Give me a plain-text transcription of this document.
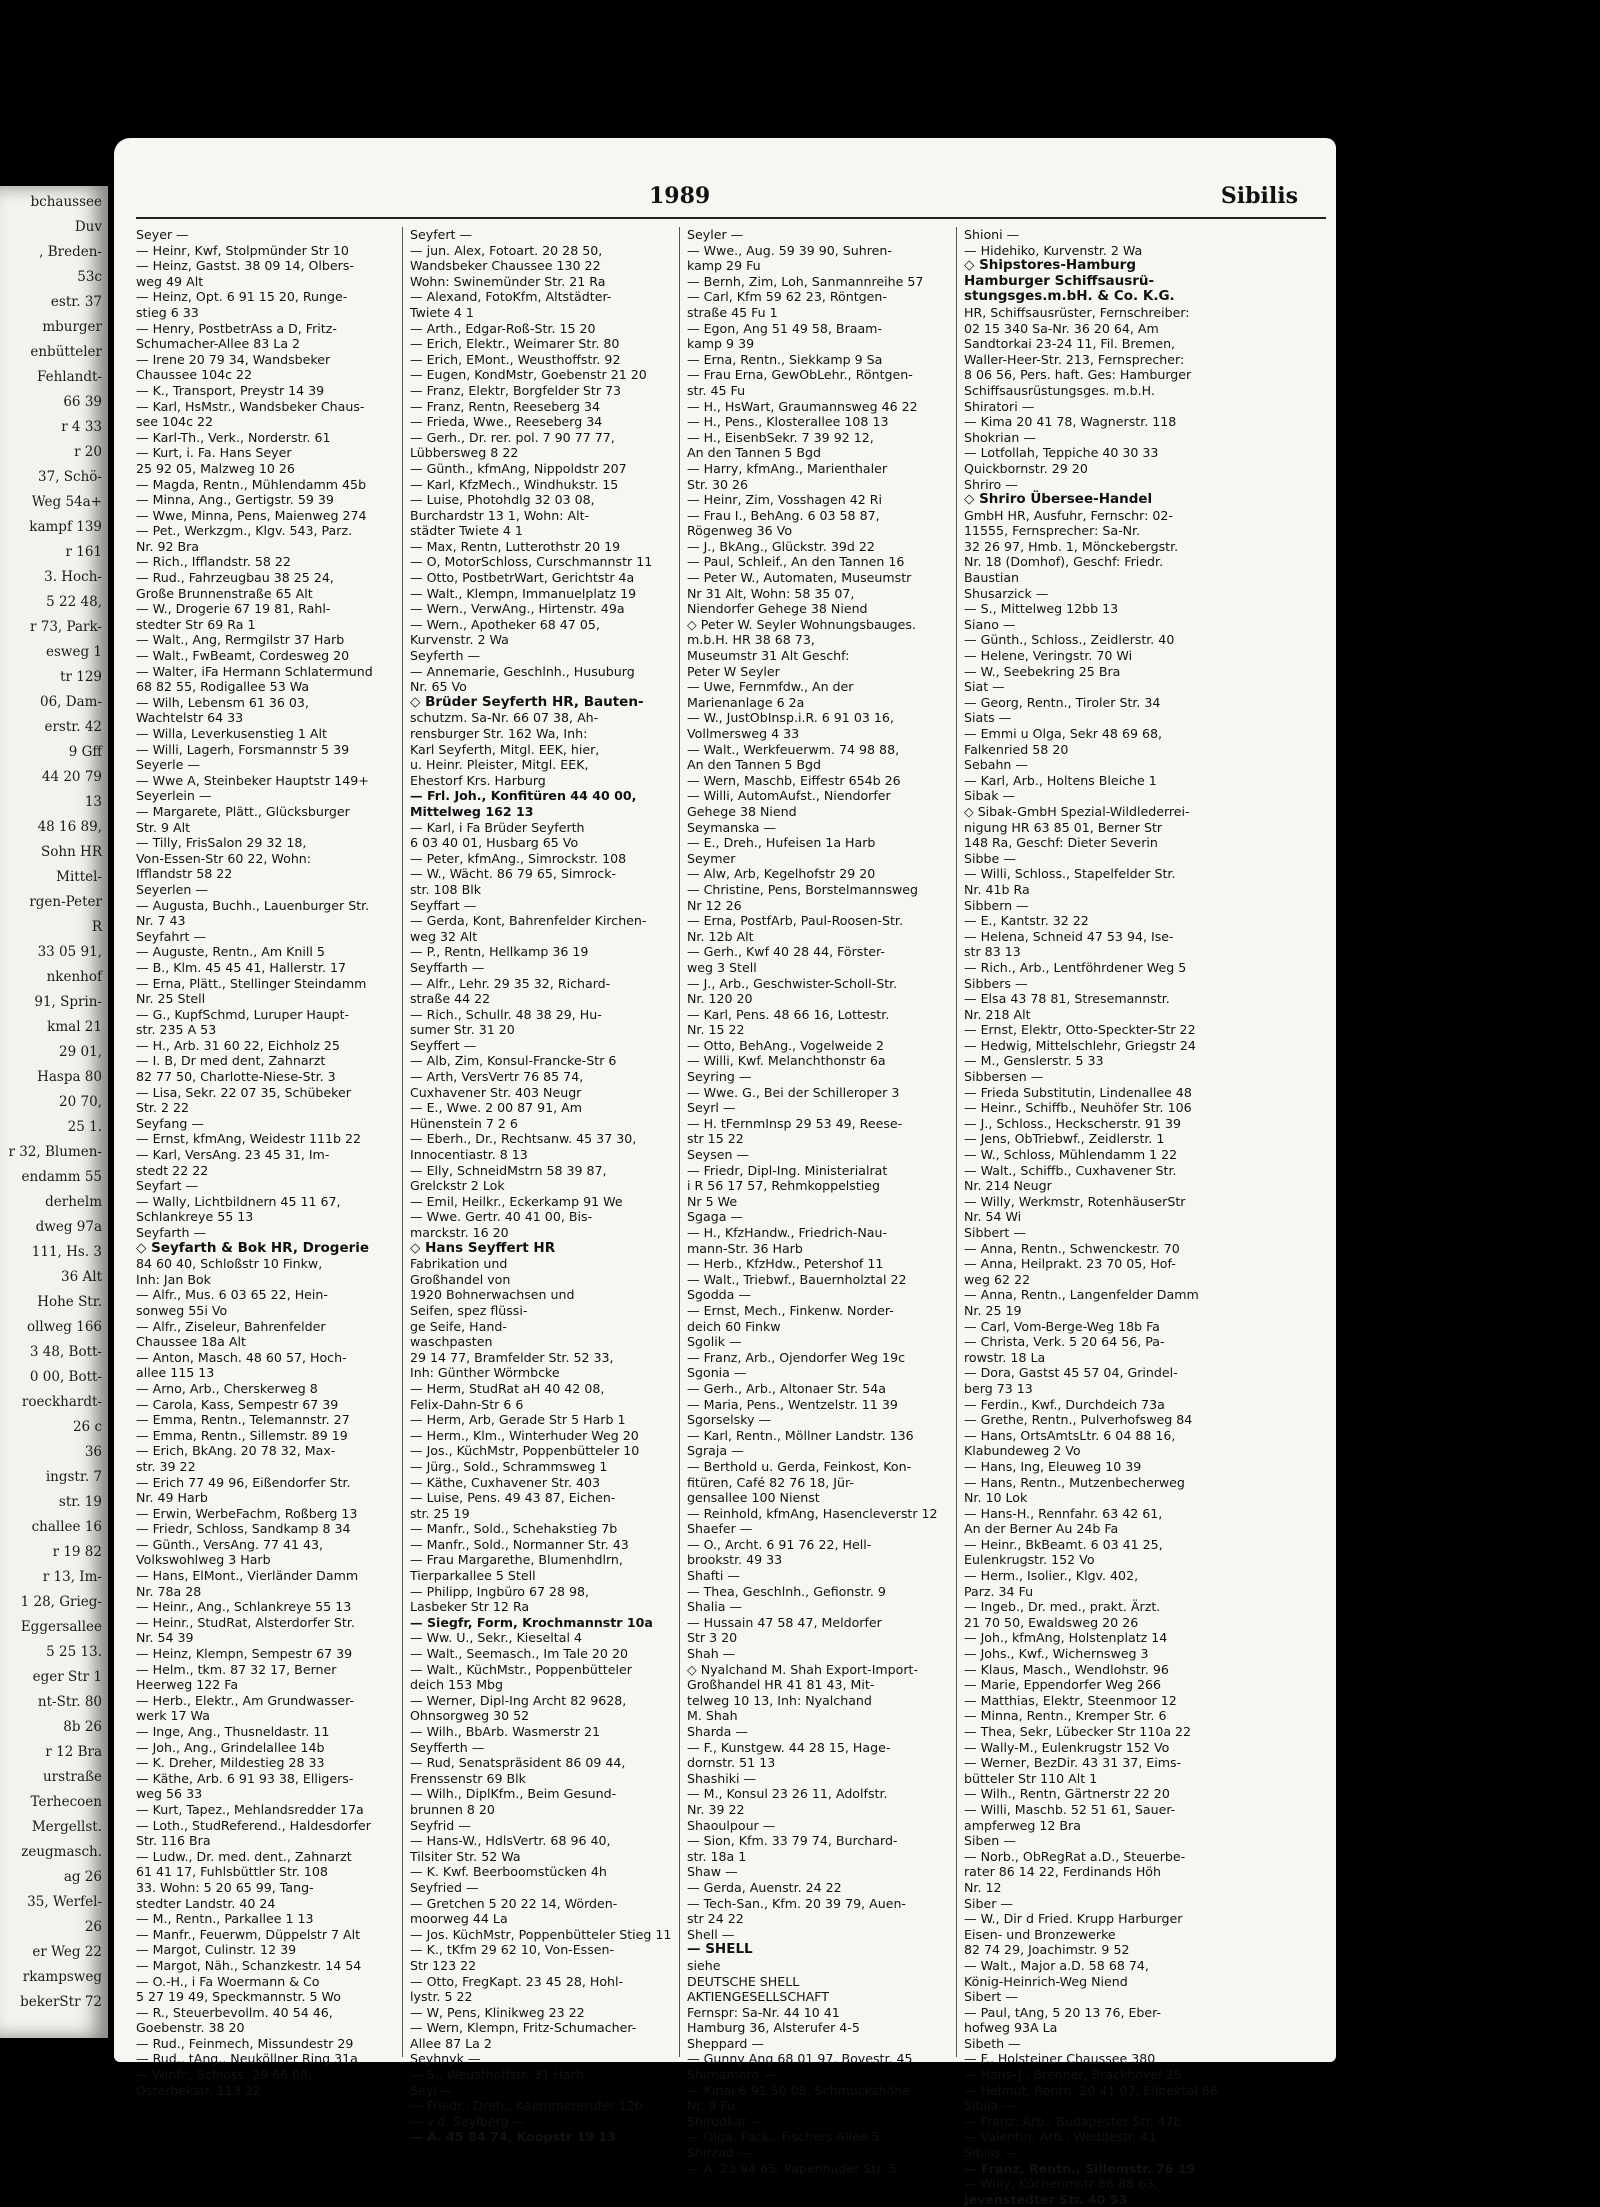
bchaussee
Duv
, Breden-
53c
estr. 37
mburger
enbütteler
Fehlandt-
66 39
r 4 33
r 20
37, Schö-
Weg 54a+
kampf 139
r 161
3. Hoch-
5 22 48,
r 73, Park-
esweg 1
tr 129
06, Dam-
erstr. 42
9 Gff
44 20 79
13
48 16 89,
Sohn HR
Mittel-
rgen-Peter
R
33 05 91,
nkenhof
91, Sprin-
kmal 21
29 01,
Haspa 80
20 70,
25 1.
r 32, Blumen-
endamm 55
derhelm
dweg 97a
111, Hs. 3
36 Alt
Hohe Str.
ollweg 166
3 48, Bott-
0 00, Bott-
roeckhardt-
26 c
36
ingstr. 7
str. 19
challee 16
r 19 82
r 13, Im-
1 28, Grieg-
Eggersallee
5 25 13.
eger Str 1
nt-Str. 80
8b 26
r 12 Bra
urstraße
Terhecoen
Mergellst.
zeugmasch.
ag 26
35, Werfel-
26
er Weg 22
rkampsweg
bekerStr 72
1989	Sibilis
Seyer —
— Heinr, Kwf, Stolpmünder Str 10
— Heinz, Gastst. 38 09 14, Olbers-
weg 49 Alt
— Heinz, Opt. 6 91 15 20, Runge-
stieg 6 33
— Henry, PostbetrAss a D, Fritz-
Schumacher-Allee 83 La 2
— Irene 20 79 34, Wandsbeker
Chaussee 104c 22
— K., Transport, Preystr 14 39
— Karl, HsMstr., Wandsbeker Chaus-
see 104c 22
— Karl-Th., Verk., Norderstr. 61
— Kurt, i. Fa. Hans Seyer
25 92 05, Malzweg 10 26
— Magda, Rentn., Mühlendamm 45b
— Minna, Ang., Gertigstr. 59 39
— Wwe, Minna, Pens, Maienweg 274
— Pet., Werkzgm., Klgv. 543, Parz.
Nr. 92 Bra
— Rich., Ifflandstr. 58 22
— Rud., Fahrzeugbau 38 25 24,
Große Brunnenstraße 65 Alt
— W., Drogerie 67 19 81, Rahl-
stedter Str 69 Ra 1
— Walt., Ang, Rermgilstr 37 Harb
— Walt., FwBeamt, Cordesweg 20
— Walter, iFa Hermann Schlatermund
68 82 55, Rodigallee 53 Wa
— Wilh, Lebensm 61 36 03,
Wachtelstr 64 33
— Willa, Leverkusenstieg 1 Alt
— Willi, Lagerh, Forsmannstr 5 39
Seyerle —
— Wwe A, Steinbeker Hauptstr 149+
Seyerlein —
— Margarete, Plätt., Glücksburger
Str. 9 Alt
— Tilly, FrisSalon 29 32 18,
Von-Essen-Str 60 22, Wohn:
Ifflandstr 58 22
Seyerlen —
— Augusta, Buchh., Lauenburger Str.
Nr. 7 43
Seyfahrt —
— Auguste, Rentn., Am Knill 5
— B., Klm. 45 45 41, Hallerstr. 17
— Erna, Plätt., Stellinger Steindamm
Nr. 25 Stell
— G., KupfSchmd, Luruper Haupt-
str. 235 A 53
— H., Arb. 31 60 22, Eichholz 25
— I. B, Dr med dent, Zahnarzt
82 77 50, Charlotte-Niese-Str. 3
— Lisa, Sekr. 22 07 35, Schübeker
Str. 2 22
Seyfang —
— Ernst, kfmAng, Weidestr 111b 22
— Karl, VersAng. 23 45 31, Im-
stedt 22 22
Seyfart —
— Wally, Lichtbildnern 45 11 67,
Schlankreye 55 13
Seyfarth —
◇ Seyfarth & Bok HR, Drogerie
84 60 40, Schloßstr 10 Finkw,
Inh: Jan Bok
— Alfr., Mus. 6 03 65 22, Hein-
sonweg 55i Vo
— Alfr., Ziseleur, Bahrenfelder
Chaussee 18a Alt
— Anton, Masch. 48 60 57, Hoch-
allee 115 13
— Arno, Arb., Cherskerweg 8
— Carola, Kass, Sempestr 67 39
— Emma, Rentn., Telemannstr. 27
— Emma, Rentn., Sillemstr. 89 19
— Erich, BkAng. 20 78 32, Max-
str. 39 22
— Erich 77 49 96, Eißendorfer Str.
Nr. 49 Harb
— Erwin, WerbeFachm, Roßberg 13
— Friedr, Schloss, Sandkamp 8 34
— Günth., VersAng. 77 41 43,
Volkswohlweg 3 Harb
— Hans, ElMont., Vierländer Damm
Nr. 78a 28
— Heinr., Ang., Schlankreye 55 13
— Heinr., StudRat, Alsterdorfer Str.
Nr. 54 39
— Heinz, Klempn, Sempestr 67 39
— Helm., tkm. 87 32 17, Berner
Heerweg 122 Fa
— Herb., Elektr., Am Grundwasser-
werk 17 Wa
— Inge, Ang., Thusneldastr. 11
— Joh., Ang., Grindelallee 14b
— K. Dreher, Mildestieg 28 33
— Käthe, Arb. 6 91 93 38, Elligers-
weg 56 33
— Kurt, Tapez., Mehlandsredder 17a
— Loth., StudReferend., Haldesdorfer
Str. 116 Bra
— Ludw., Dr. med. dent., Zahnarzt
61 41 17, Fuhlsbüttler Str. 108
33. Wohn: 5 20 65 99, Tang-
stedter Landstr. 40 24
— M., Rentn., Parkallee 1 13
— Manfr., Feuerwm, Düppelstr 7 Alt
— Margot, Culinstr. 12 39
— Margot, Näh., Schanzkestr. 14 54
— O.-H., i Fa Woermann & Co
5 27 19 49, Speckmannstr. 5 Wo
— R., Steuerbevollm. 40 54 46,
Goebenstr. 38 20
— Rud., Feinmech, Missundestr 29
— Rud., tAng., Neuköllner Ring 31a
— Winfr., Schloss. 29 66 08,
Osterbekstr. 113 22
Seyfert —
— jun. Alex, Fotoart. 20 28 50,
Wandsbeker Chaussee 130 22
Wohn: Swinemünder Str. 21 Ra
— Alexand, FotoKfm, Altstädter-
Twiete 4 1
— Arth., Edgar-Roß-Str. 15 20
— Erich, Elektr., Weimarer Str. 80
— Erich, EMont., Weusthoffstr. 92
— Eugen, KondMstr, Goebenstr 21 20
— Franz, Elektr, Borgfelder Str 73
— Franz, Rentn, Reeseberg 34
— Frieda, Wwe., Reeseberg 34
— Gerh., Dr. rer. pol. 7 90 77 77,
Lübbersweg 8 22
— Günth., kfmAng, Nippoldstr 207
— Karl, KfzMech., Windhukstr. 15
— Luise, Photohdlg 32 03 08,
Burchardstr 13 1, Wohn: Alt-
städter Twiete 4 1
— Max, Rentn, Lutterothstr 20 19
— O, MotorSchloss, Curschmannstr 11
— Otto, PostbetrWart, Gerichtstr 4a
— Walt., Klempn, Immanuelplatz 19
— Wern., VerwAng., Hirtenstr. 49a
— Wern., Apotheker 68 47 05,
Kurvenstr. 2 Wa
Seyferth —
— Annemarie, Geschlnh., Husuburg
Nr. 65 Vo
◇ Brüder Seyferth HR, Bauten-
schutzm. Sa-Nr. 66 07 38, Ah-
rensburger Str. 162 Wa, Inh:
Karl Seyferth, Mitgl. EEK, hier,
u. Heinr. Pleister, Mitgl. EEK,
Ehestorf Krs. Harburg
— Frl. Joh., Konfitüren 44 40 00,
Mittelweg 162 13
— Karl, i Fa Brüder Seyferth
6 03 40 01, Husbarg 65 Vo
— Peter, kfmAng., Simrockstr. 108
— W., Wächt. 86 79 65, Simrock-
str. 108 Blk
Seyffart —
— Gerda, Kont, Bahrenfelder Kirchen-
weg 32 Alt
— P., Rentn, Hellkamp 36 19
Seyffarth —
— Alfr., Lehr. 29 35 32, Richard-
straße 44 22
— Rich., Schullr. 48 38 29, Hu-
sumer Str. 31 20
Seyffert —
— Alb, Zim, Konsul-Francke-Str 6
— Arth, VersVertr 76 85 74,
Cuxhavener Str. 403 Neugr
— E., Wwe. 2 00 87 91, Am
Hünenstein 7 2 6
— Eberh., Dr., Rechtsanw. 45 37 30,
Innocentiastr. 8 13
— Elly, SchneidMstrn 58 39 87,
Grelckstr 2 Lok
— Emil, Heilkr., Eckerkamp 91 We
— Wwe. Gertr. 40 41 00, Bis-
marckstr. 16 20
◇ Hans Seyffert HR
Fabrikation und
Großhandel von
1920 Bohnerwachsen und
Seifen, spez flüssi-
ge Seife, Hand-
waschpasten
29 14 77, Bramfelder Str. 52 33,
Inh: Günther Wörmbcke
— Herm, StudRat aH 40 42 08,
Felix-Dahn-Str 6 6
— Herm, Arb, Gerade Str 5 Harb 1
— Herm., Klm., Winterhuder Weg 20
— Jos., KüchMstr, Poppenbütteler 10
— Jürg., Sold., Schrammsweg 1
— Käthe, Cuxhavener Str. 403
— Luise, Pens. 49 43 87, Eichen-
str. 25 19
— Manfr., Sold., Schehakstieg 7b
— Manfr., Sold., Normanner Str. 43
— Frau Margarethe, Blumenhdlrn,
Tierparkallee 5 Stell
— Philipp, Ingbüro 67 28 98,
Lasbeker Str 12 Ra
— Siegfr, Form, Krochmannstr 10a
— Ww. U., Sekr., Kieseltal 4
— Walt., Seemasch., Im Tale 20 20
— Walt., KüchMstr., Poppenbütteler
deich 153 Mbg
— Werner, Dipl-Ing Archt 82 9628,
Ohnsorgweg 30 52
— Wilh., BbArb. Wasmerstr 21
Seyfferth —
— Rud, Senatspräsident 86 09 44,
Frenssenstr 69 Blk
— Wilh., DiplKfm., Beim Gesund-
brunnen 8 20
Seyfrid —
— Hans-W., HdlsVertr. 68 96 40,
Tilsiter Str. 52 Wa
— K. Kwf. Beerboomstücken 4h
Seyfried —
— Gretchen 5 20 22 14, Wörden-
moorweg 44 La
— Jos. KüchMstr, Poppenbütteler Stieg 11
— K., tKfm 29 62 10, Von-Essen-
Str 123 22
— Otto, FregKapt. 23 45 28, Hohl-
lystr. 5 22
— W, Pens, Klinikweg 23 22
— Wern, Klempn, Fritz-Schumacher-
Allee 87 La 2
Seyhnyk —
— S., Weusthoffstr. 31 Harb
Seyl —
— Friedr., Dreh., Kaemmererufer 12b
— v.d. Seylberg —
— A. 45 84 74, Koopstr 19 13
Seyler —
— Wwe., Aug. 59 39 90, Suhren-
kamp 29 Fu
— Bernh, Zim, Loh, Sanmannreihe 57
— Carl, Kfm 59 62 23, Röntgen-
straße 45 Fu 1
— Egon, Ang 51 49 58, Braam-
kamp 9 39
— Erna, Rentn., Siekkamp 9 Sa
— Frau Erna, GewObLehr., Röntgen-
str. 45 Fu
— H., HsWart, Graumannsweg 46 22
— H., Pens., Klosterallee 108 13
— H., EisenbSekr. 7 39 92 12,
An den Tannen 5 Bgd
— Harry, kfmAng., Marienthaler
Str. 30 26
— Heinr, Zim, Vosshagen 42 Ri
— Frau I., BehAng. 6 03 58 87,
Rögenweg 36 Vo
— J., BkAng., Glückstr. 39d 22
— Paul, Schleif., An den Tannen 16
— Peter W., Automaten, Museumstr
Nr 31 Alt, Wohn: 58 35 07,
Niendorfer Gehege 38 Niend
◇ Peter W. Seyler Wohnungsbauges.
m.b.H. HR 38 68 73,
Museumstr 31 Alt Geschf:
Peter W Seyler
— Uwe, Fernmfdw., An der
Marienanlage 6 2a
— W., JustObInsp.i.R. 6 91 03 16,
Vollmersweg 4 33
— Walt., Werkfeuerwm. 74 98 88,
An den Tannen 5 Bgd
— Wern, Maschb, Eiffestr 654b 26
— Willi, AutomAufst., Niendorfer
Gehege 38 Niend
Seymanska —
— E., Dreh., Hufeisen 1a Harb
Seymer
— Alw, Arb, Kegelhofstr 29 20
— Christine, Pens, Borstelmannsweg
Nr 12 26
— Erna, PostfArb, Paul-Roosen-Str.
Nr. 12b Alt
— Gerh., Kwf 40 28 44, Förster-
weg 3 Stell
— J., Arb., Geschwister-Scholl-Str.
Nr. 120 20
— Karl, Pens. 48 66 16, Lottestr.
Nr. 15 22
— Otto, BehAng., Vogelweide 2
— Willi, Kwf. Melanchthonstr 6a
Seyring —
— Wwe. G., Bei der Schilleroper 3
Seyrl —
— H. tFernmInsp 29 53 49, Reese-
str 15 22
Seysen —
— Friedr, Dipl-Ing. Ministerialrat
i R 56 17 57, Rehmkoppelstieg
Nr 5 We
Sgaga —
— H., KfzHandw., Friedrich-Nau-
mann-Str. 36 Harb
— Herb., KfzHdw., Petershof 11
— Walt., Triebwf., Bauernholztal 22
Sgodda —
— Ernst, Mech., Finkenw. Norder-
deich 60 Finkw
Sgolik —
— Franz, Arb., Ojendorfer Weg 19c
Sgonia —
— Gerh., Arb., Altonaer Str. 54a
— Maria, Pens., Wentzelstr. 11 39
Sgorselsky —
— Karl, Rentn., Möllner Landstr. 136
Sgraja —
— Berthold u. Gerda, Feinkost, Kon-
fitüren, Café 82 76 18, Jür-
gensallee 100 Nienst
— Reinhold, kfmAng, Hasencleverstr 12
Shaefer —
— O., Archt. 6 91 76 22, Hell-
brookstr. 49 33
Shafti —
— Thea, Geschlnh., Gefionstr. 9
Shalia —
— Hussain 47 58 47, Meldorfer
Str 3 20
Shah —
◇ Nyalchand M. Shah Export-Import-
Großhandel HR 41 81 43, Mit-
telweg 10 13, Inh: Nyalchand
M. Shah
Sharda —
— F., Kunstgew. 44 28 15, Hage-
dornstr. 51 13
Shashiki —
— M., Konsul 23 26 11, Adolfstr.
Nr. 39 22
Shaoulpour —
— Sion, Kfm. 33 79 74, Burchard-
str. 18a 1
Shaw —
— Gerda, Auenstr. 24 22
— Tech-San., Kfm. 20 39 79, Auen-
str 24 22
Shell —
— SHELL
siehe
DEUTSCHE SHELL
AKTIENGESELLSCHAFT
Fernspr: Sa-Nr. 44 10 41
Hamburg 36, Alsterufer 4-5
Sheppard —
— Gunny Ang 68 01 97, Bovestr. 45
Shimamoto —
— Kinai 6 91 50 08, Schmuckshöhe
Nr. 9 Fu
Shirodkar —
— Olga, Pack., Fischers Allee 5
Shirzad —
— A. 23 94 65, Papenhuder Str. 5
Shioni —
— Hidehiko, Kurvenstr. 2 Wa
◇ Shipstores-Hamburg
Hamburger Schiffsausrü-
stungsges.m.bH. & Co. K.G.
HR, Schiffsausrüster, Fernschreiber:
02 15 340 Sa-Nr. 36 20 64, Am
Sandtorkai 23-24 11, Fil. Bremen,
Waller-Heer-Str. 213, Fernsprecher:
8 06 56, Pers. haft. Ges: Hamburger
Schiffsausrüstungsges. m.b.H.
Shiratori —
— Kima 20 41 78, Wagnerstr. 118
Shokrian —
— Lotfollah, Teppiche 40 30 33
Quickbornstr. 29 20
Shriro —
◇ Shriro Übersee-Handel
GmbH HR, Ausfuhr, Fernschr: 02-
11555, Fernsprecher: Sa-Nr.
32 26 97, Hmb. 1, Mönckebergstr.
Nr. 18 (Domhof), Geschf: Friedr.
Baustian
Shusarzick —
— S., Mittelweg 12bb 13
Siano —
— Günth., Schloss., Zeidlerstr. 40
— Helene, Veringstr. 70 Wi
— W., Seebekring 25 Bra
Siat —
— Georg, Rentn., Tiroler Str. 34
Siats —
— Emmi u Olga, Sekr 48 69 68,
Falkenried 58 20
Sebahn —
— Karl, Arb., Holtens Bleiche 1
Sibak —
◇ Sibak-GmbH Spezial-Wildlederrei-
nigung HR 63 85 01, Berner Str
148 Ra, Geschf: Dieter Severin
Sibbe —
— Willi, Schloss., Stapelfelder Str.
Nr. 41b Ra
Sibbern —
— E., Kantstr. 32 22
— Helena, Schneid 47 53 94, Ise-
str 83 13
— Rich., Arb., Lentföhrdener Weg 5
Sibbers —
— Elsa 43 78 81, Stresemannstr.
Nr. 218 Alt
— Ernst, Elektr, Otto-Speckter-Str 22
— Hedwig, Mittelschlehr, Griegstr 24
— M., Genslerstr. 5 33
Sibbersen —
— Frieda Substitutin, Lindenallee 48
— Heinr., Schiffb., Neuhöfer Str. 106
— J., Schloss., Heckscherstr. 91 39
— Jens, ObTriebwf., Zeidlerstr. 1
— W., Schloss, Mühlendamm 1 22
— Walt., Schiffb., Cuxhavener Str.
Nr. 214 Neugr
— Willy, Werkmstr, RotenhäuserStr
Nr. 54 Wi
Sibbert —
— Anna, Rentn., Schwenckestr. 70
— Anna, Heilprakt. 23 70 05, Hof-
weg 62 22
— Anna, Rentn., Langenfelder Damm
Nr. 25 19
— Carl, Vom-Berge-Weg 18b Fa
— Christa, Verk. 5 20 64 56, Pa-
rowstr. 18 La
— Dora, Gastst 45 57 04, Grindel-
berg 73 13
— Ferdin., Kwf., Durchdeich 73a
— Grethe, Rentn., Pulverhofsweg 84
— Hans, OrtsAmtsLtr. 6 04 88 16,
Klabundeweg 2 Vo
— Hans, Ing, Eleuweg 10 39
— Hans, Rentn., Mutzenbecherweg
Nr. 10 Lok
— Hans-H., Rennfahr. 63 42 61,
An der Berner Au 24b Fa
— Heinr., BkBeamt. 6 03 41 25,
Eulenkrugstr. 152 Vo
— Herm., Isolier., Klgv. 402,
Parz. 34 Fu
— Ingeb., Dr. med., prakt. Ärzt.
21 70 50, Ewaldsweg 20 26
— Joh., kfmAng, Holstenplatz 14
— Johs., Kwf., Wichernsweg 3
— Klaus, Masch., Wendlohstr. 96
— Marie, Eppendorfer Weg 266
— Matthias, Elektr, Steenmoor 12
— Minna, Rentn., Kremper Str. 6
— Thea, Sekr, Lübecker Str 110a 22
— Wally-M., Eulenkrugstr 152 Vo
— Werner, BezDir. 43 31 37, Eims-
bütteler Str 110 Alt 1
— Wilh., Rentn, Gärtnerstr 22 20
— Willi, Maschb. 52 51 61, Sauer-
ampferweg 12 Bra
Siben —
— Norb., ObRegRat a.D., Steuerbe-
rater 86 14 22, Ferdinands Höh
Nr. 12
Siber —
— W., Dir d Fried. Krupp Harburger
Eisen- und Bronzewerke
82 74 29, Joachimstr. 9 52
— Walt., Major a.D. 58 68 74,
König-Heinrich-Weg Niend
Sibert —
— Paul, tAng, 5 20 13 76, Eber-
hofweg 93A La
Sibeth —
— F., Holsteiner Chaussee 380
— Hans-J., Brenner, Brackhövel 25
— Helmut, Rentn. 20 41 07, Eilbektal 66
Sibila —
— Franz, Arb., Budapester Str. 47b
— Valentin, Arb., Weddestr. 41
Sibilis —
— Franz, Rentn., Sillemstr. 76 19
— Willy, Küchenmstr 86 88 63,
Jevenstedter Str. 40 53
